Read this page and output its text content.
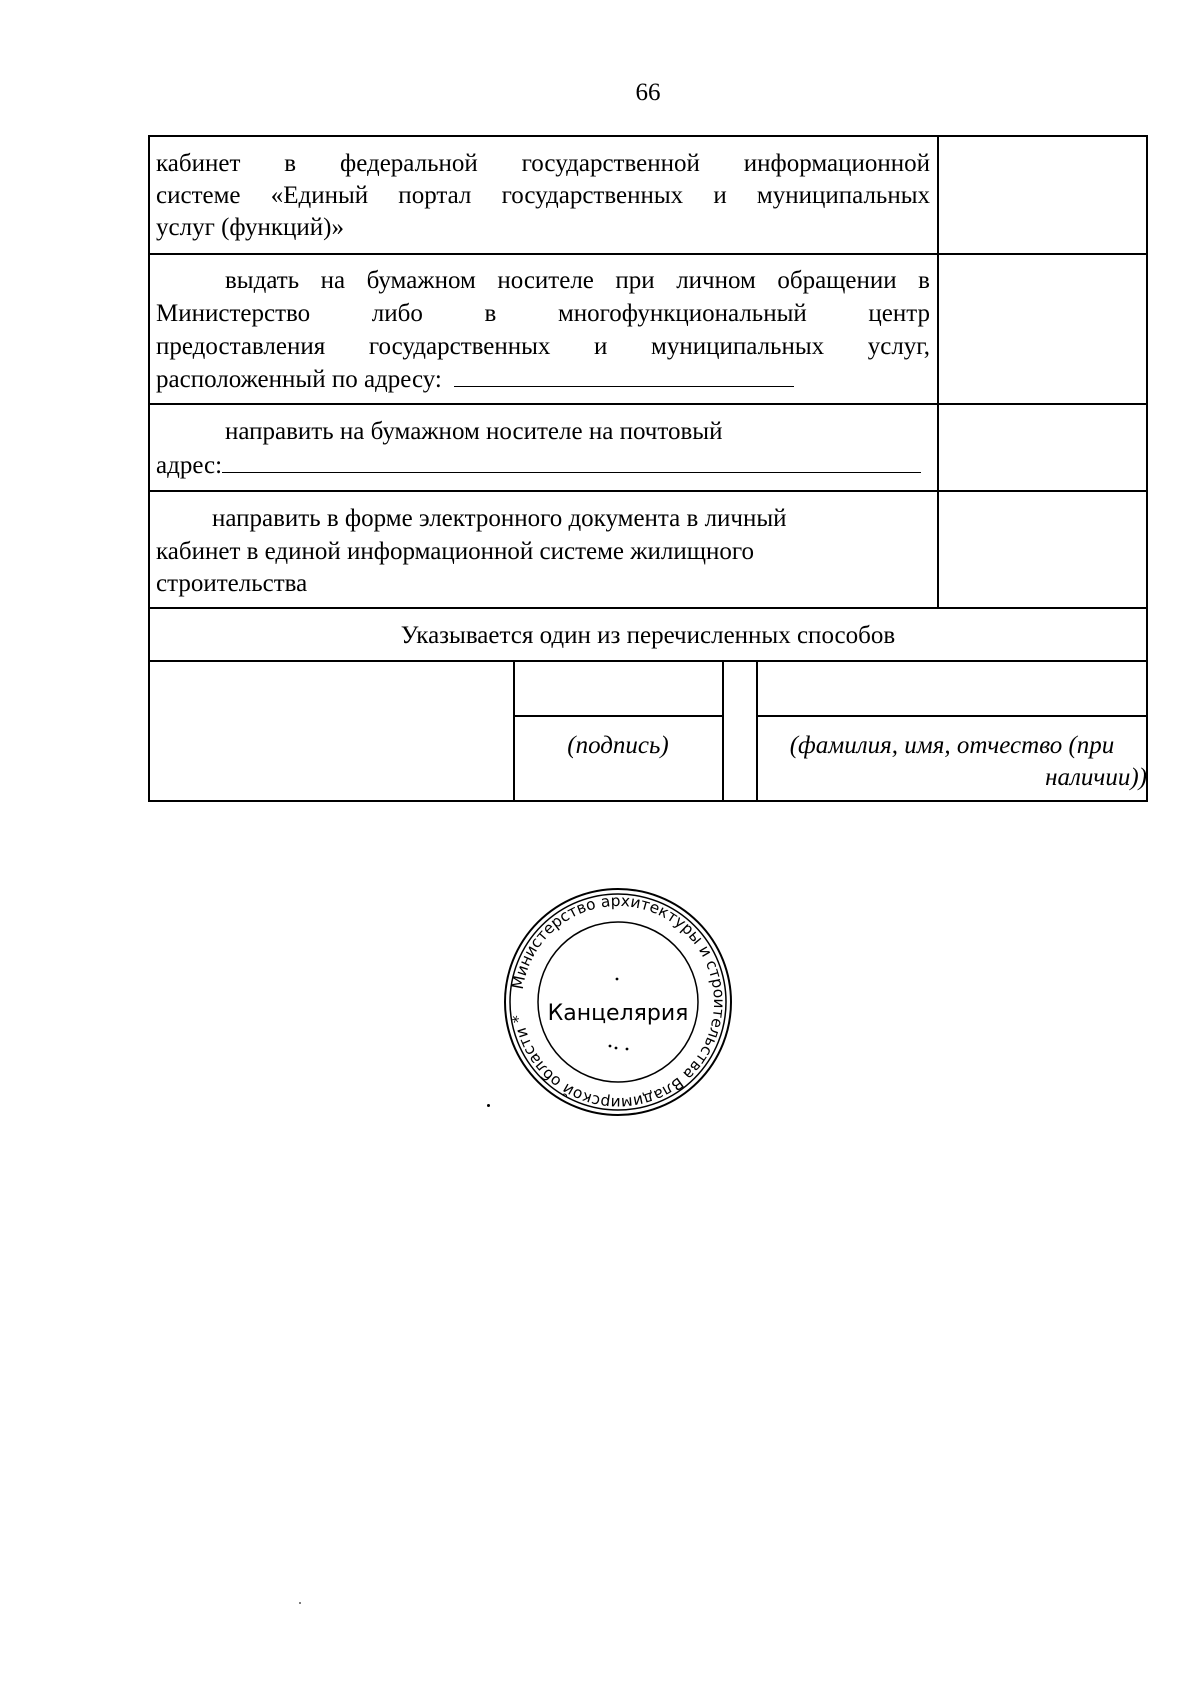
66
кабинет в федеральной государственной информационной
системе «Единый портал государственных и муниципальных
услуг (функций)»
выдать на бумажном носителе при личном обращении в
Министерство либо в многофункциональный центр
предоставления государственных и муниципальных услуг,
расположенный по адресу:
направить на бумажном носителе на почтовый
адрес:
направить в форме электронного документа в личный
кабинет в единой информационной системе жилищного
строительства
Указывается один из перечисленных способов
(подпись)	(фамилия, имя, отчество (при
наличии))
Министерство архитектуры и строительства Владимирской области * Канцелярия
